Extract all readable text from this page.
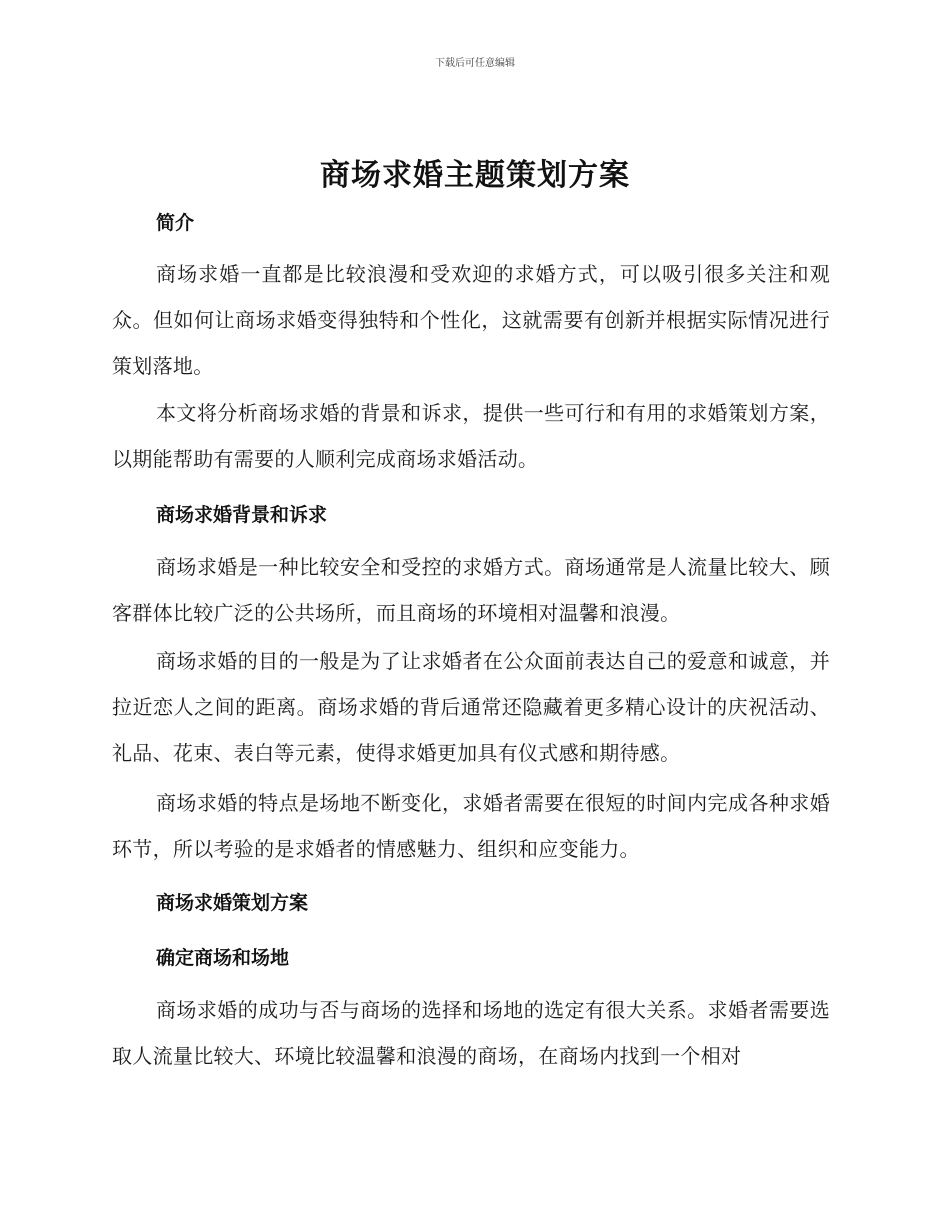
下载后可任意编辑
商场求婚主题策划方案
简介
商场求婚一直都是比较浪漫和受欢迎的求婚方式，可以吸引很多关注和观众。但如何让商场求婚变得独特和个性化，这就需要有创新并根据实际情况进行策划落地。
本文将分析商场求婚的背景和诉求，提供一些可行和有用的求婚策划方案，以期能帮助有需要的人顺利完成商场求婚活动。
商场求婚背景和诉求
商场求婚是一种比较安全和受控的求婚方式。商场通常是人流量比较大、顾客群体比较广泛的公共场所，而且商场的环境相对温馨和浪漫。
商场求婚的目的一般是为了让求婚者在公众面前表达自己的爱意和诚意，并拉近恋人之间的距离。商场求婚的背后通常还隐藏着更多精心设计的庆祝活动、礼品、花束、表白等元素，使得求婚更加具有仪式感和期待感。
商场求婚的特点是场地不断变化，求婚者需要在很短的时间内完成各种求婚环节，所以考验的是求婚者的情感魅力、组织和应变能力。
商场求婚策划方案
确定商场和场地
商场求婚的成功与否与商场的选择和场地的选定有很大关系。求婚者需要选取人流量比较大、环境比较温馨和浪漫的商场，在商场内找到一个相对
